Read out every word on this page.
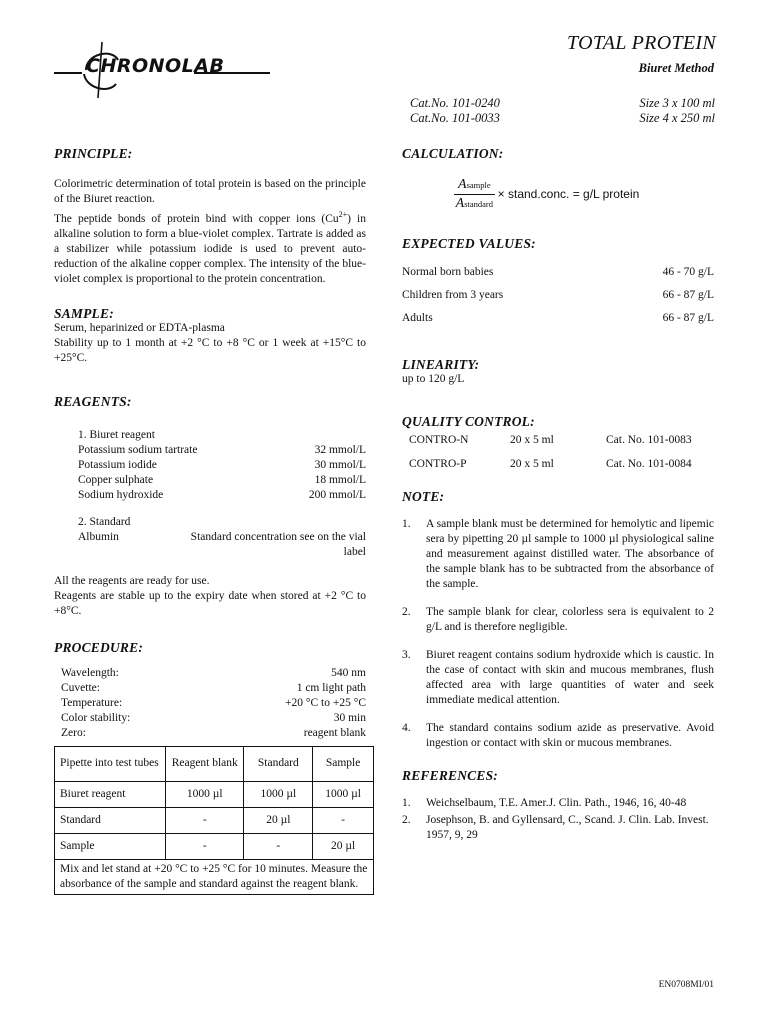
CHRONOLAB
TOTAL PROTEIN
Biuret Method
Cat.No. 101-0240	Size 3 x 100 ml
Cat.No. 101-0033	Size 4 x 250 ml
PRINCIPLE:
Colorimetric determination of total protein is based on the principle of the Biuret reaction.
The peptide bonds of protein bind with copper ions $(Cu^{2+})$ in alkaline solution to form a blue-violet complex. Tartrate is added as a stabilizer while potassium iodide is used to prevent auto-reduction of the alkaline copper complex. The intensity of the blue-violet complex is proportional to the protein concentration.
SAMPLE:
Serum, heparinized or EDTA-plasma
Stability up to 1 month at +2 °C to +8 °C or 1 week at +15°C to +25°C.
REAGENTS:
1. Biuret reagent
Potassium sodium tartrate	32 mmol/L
Potassium iodide	30 mmol/L
Copper sulphate	18 mmol/L
Sodium hydroxide	200 mmol/L
2. Standard
Albumin	Standard concentration see on the vial label
All the reagents are ready for use.
Reagents are stable up to the expiry date when stored at +2 °C to +8°C.
PROCEDURE:
Wavelength:	540 nm
Cuvette:	1 cm light path
Temperature:	+20 °C to +25 °C
Color stability:	30 min
Zero:	reagent blank
Pipette into test tubes	Reagent blank	Standard	Sample
Biuret reagent	1000 µl	1000 µl	1000 µl
Standard	-	20 µl	-
Sample	-	-	20 µl
Mix and let stand at +20 °C to +25 °C for 10 minutes. Measure the absorbance of the sample and standard against the reagent blank.			
CALCULATION:
$\frac{\text{Asample}}{\text{Astandard}}$ × stand.conc. = g/L protein
EXPECTED VALUES:
Normal born babies	46 - 70 g/L
Children from 3 years	66 - 87 g/L
Adults	66 - 87 g/L
LINEARITY:
up to 120 g/L
QUALITY CONTROL:
CONTRO-N	20 x 5 ml	Cat. No. 101-0083
CONTRO-P	20 x 5 ml	Cat. No. 101-0084
NOTE:
1.	A sample blank must be determined for hemolytic and lipemic sera by pipetting 20 µl sample to 1000 µl physiological saline and measurement against distilled water. The absorbance of the sample blank has to be subtracted from the absorbance of the sample.
2.	The sample blank for clear, colorless sera is equivalent to 2 g/L and is therefore negligible.
3.	Biuret reagent contains sodium hydroxide which is caustic. In the case of contact with skin and mucous membranes, flush affected area with large quantities of water and seek immediate medical attention.
4.	The standard contains sodium azide as preservative. Avoid ingestion or contact with skin or mucous membranes.
REFERENCES:
1.	Weichselbaum, T.E. Amer.J. Clin. Path., 1946, 16, 40-48
2.	Josephson, B. and Gyllensard, C., Scand. J. Clin. Lab. Invest. 1957, 9, 29
EN0708MI/01
